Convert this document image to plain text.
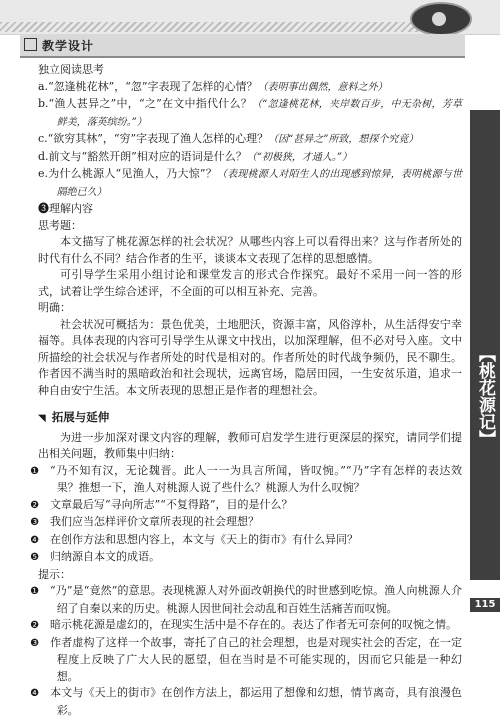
教学设计
【桃花源记】
115

独立阅读思考

a.“忽逢桃花林”，“忽”字表现了怎样的心情？（表明事出偶然，意料之外）

b.“渔人甚异之”中，“之”在文中指代什么？（“忽逢桃花林，夹岸数百步，中无杂树，芳草鲜美，落英缤纷。”）

c.“欲穷其林”，“穷”字表现了渔人怎样的心理？（因“甚异之”所致，想探个究竟）

d.前文与“豁然开朗”相对应的语词是什么？（“初极狭，才通人。”）

e.为什么桃源人“见渔人，乃大惊”？（表现桃源人对陌生人的出现感到惊异，表明桃源与世隔绝已久）

❸理解内容

思考题：

本文描写了桃花源怎样的社会状况？从哪些内容上可以看得出来？这与作者所处的时代有什么不同？结合作者的生平，谈谈本文表现了怎样的思想感情。

可引导学生采用小组讨论和课堂发言的形式合作探究。最好不采用一问一答的形式，试着让学生综合述评，不全面的可以相互补充、完善。

明确：

社会状况可概括为：景色优美，土地肥沃，资源丰富，风俗淳朴，从生活得安宁幸福等。具体表现的内容可引导学生从课文中找出，以加深理解，但不必对号入座。文中所描绘的社会状况与作者所处的时代是相对的。作者所处的时代战争频仍，民不聊生。作者因不满当时的黑暗政治和社会现状，远离官场，隐居田园，一生安贫乐道，追求一种自由安宁生活。本文所表现的思想正是作者的理想社会。

◥ 拓展与延伸

为进一步加深对课文内容的理解，教师可启发学生进行更深层的探究，请同学们提出相关问题，教师集中归纳：

❶ “乃不知有汉，无论魏晋。此人一一为具言所闻，皆叹惋。”“乃”字有怎样的表达效果？推想一下，渔人对桃源人说了些什么？桃源人为什么叹惋？

❷ 文章最后写“寻向所志”“不复得路”，目的是什么？

❸ 我们应当怎样评价文章所表现的社会理想？

❹ 在创作方法和思想内容上，本文与《天上的街市》有什么异同？

❺ 归纳源自本文的成语。

提示：

❶ “乃”是“竟然”的意思。表现桃源人对外面改朝换代的时世感到吃惊。渔人向桃源人介绍了自秦以来的历史。桃源人因世间社会动乱和百姓生活痛苦而叹惋。

❷ 暗示桃花源是虚幻的，在现实生活中是不存在的。表达了作者无可奈何的叹惋之情。

❸ 作者虚构了这样一个故事，寄托了自己的社会理想，也是对现实社会的否定，在一定程度上反映了广大人民的愿望，但在当时是不可能实现的，因而它只能是一种幻想。

❹ 本文与《天上的街市》在创作方法上，都运用了想像和幻想，情节离奇，具有浪漫色彩。
